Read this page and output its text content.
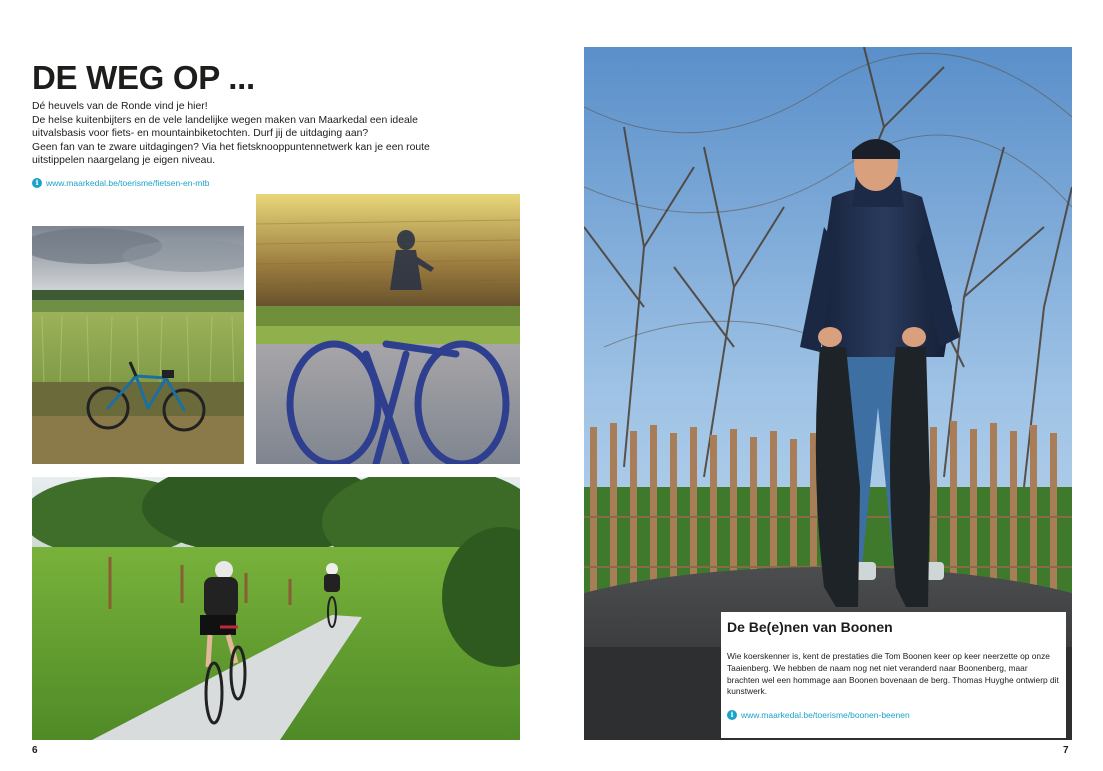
DE WEG OP ...

Dé heuvels van de Ronde vind je hier!

De helse kuitenbijters en de vele landelijke wegen maken van Maarkedal een ideale uitvalsbasis voor fiets- en mountainbiketochten. Durf jij de uitdaging aan?

Geen fan van te zware uitdagingen? Via het fietsknooppuntennetwerk kan je een route uitstippelen naargelang je eigen niveau.

i www.maarkedal.be/toerisme/fietsen-en-mtb
6
De Be(e)nen van Boonen

Wie koerskenner is, kent de prestaties die Tom Boonen keer op keer neerzette op onze Taaienberg. We hebben de naam nog net niet veranderd naar Boonenberg, maar brachten wel een hommage aan Boonen bovenaan de berg. Thomas Huyghe ontwierp dit kunstwerk.

i www.maarkedal.be/toerisme/boonen-beenen
7
